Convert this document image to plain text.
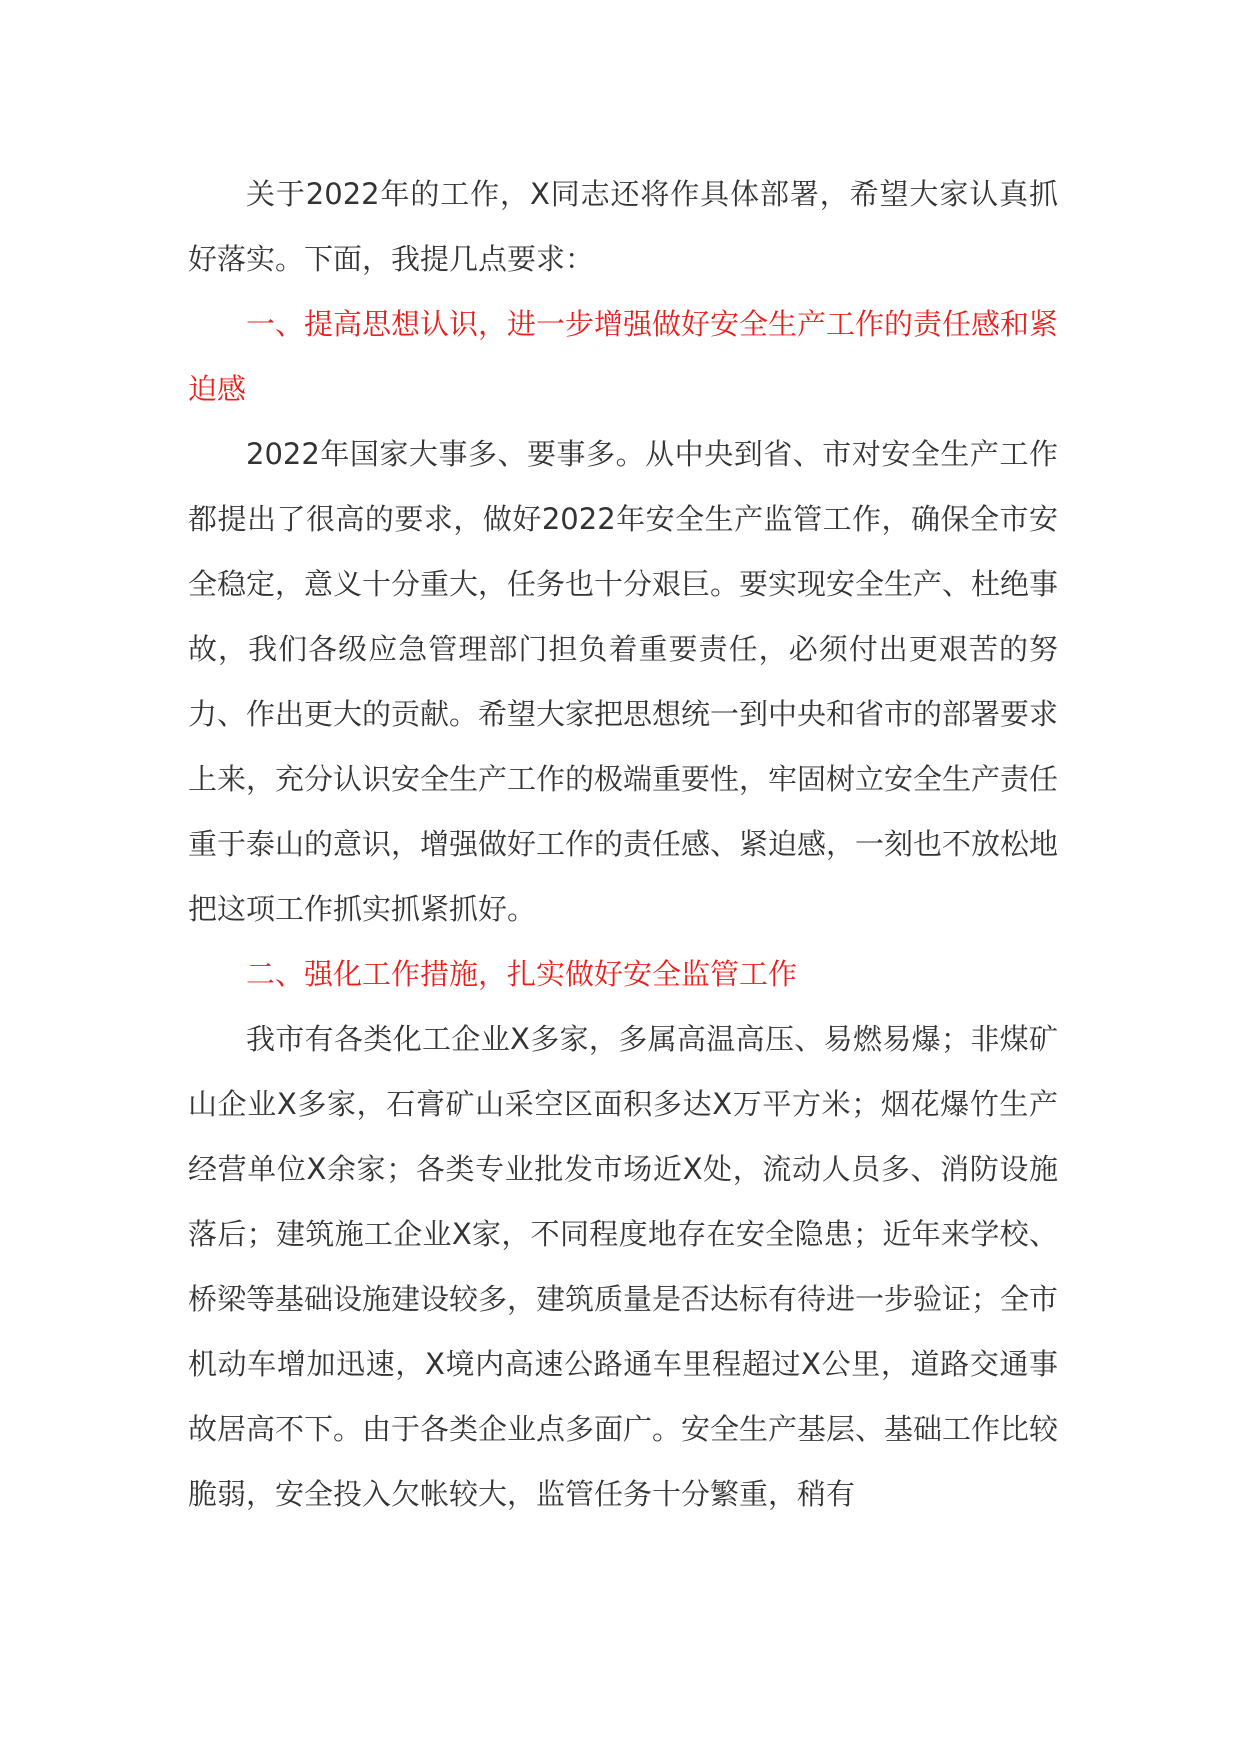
关于2022年的工作，X同志还将作具体部署，希望大家认真抓好落实。下面，我提几点要求：

一、提高思想认识，进一步增强做好安全生产工作的责任感和紧迫感

2022年国家大事多、要事多。从中央到省、市对安全生产工作都提出了很高的要求，做好2022年安全生产监管工作，确保全市安全稳定，意义十分重大，任务也十分艰巨。要实现安全生产、杜绝事故，我们各级应急管理部门担负着重要责任，必须付出更艰苦的努力、作出更大的贡献。希望大家把思想统一到中央和省市的部署要求上来，充分认识安全生产工作的极端重要性，牢固树立安全生产责任重于泰山的意识，增强做好工作的责任感、紧迫感，一刻也不放松地把这项工作抓实抓紧抓好。

二、强化工作措施，扎实做好安全监管工作

我市有各类化工企业X多家，多属高温高压、易燃易爆；非煤矿山企业X多家，石膏矿山采空区面积多达X万平方米；烟花爆竹生产经营单位X余家；各类专业批发市场近X处，流动人员多、消防设施落后；建筑施工企业X家，不同程度地存在安全隐患；近年来学校、桥梁等基础设施建设较多，建筑质量是否达标有待进一步验证；全市机动车增加迅速，X境内高速公路通车里程超过X公里，道路交通事故居高不下。由于各类企业点多面广。安全生产基层、基础工作比较脆弱，安全投入欠帐较大，监管任务十分繁重，稍有
